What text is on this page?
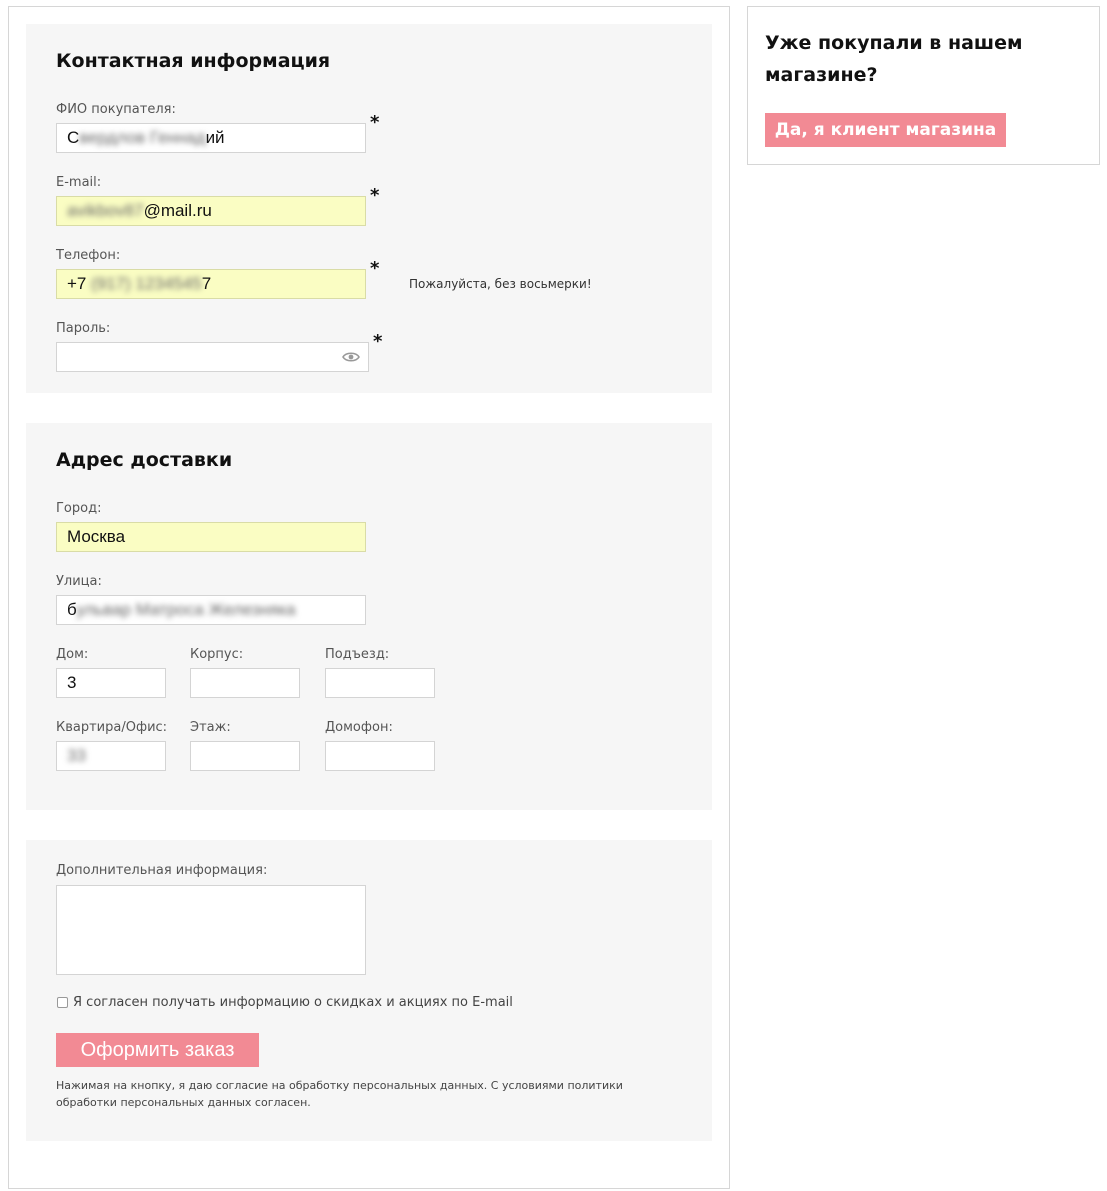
Контактная информация
ФИО покупателя:
Свердлов Геннадий
*
E-mail:
avikbov87@mail.ru
*
Телефон:
+7 (917) 12345457
*
Пожалуйста, без восьмерки!
Пароль:
*
Адрес доставки
Город:
Москва
Улица:
бульвар Матроса Железняка
Дом:
3
Корпус:	Подъезд:
Квартира/Офис:
33
Этаж:	Домофон:
Дополнительная информация:
Я согласен получать информацию о скидках и акциях по E-mail
Оформить заказ
Нажимая на кнопку, я даю согласие на обработку персональных данных. С условиями политики обработки персональных данных согласен.
Уже покупали в нашем магазине?
Да, я клиент магазина
